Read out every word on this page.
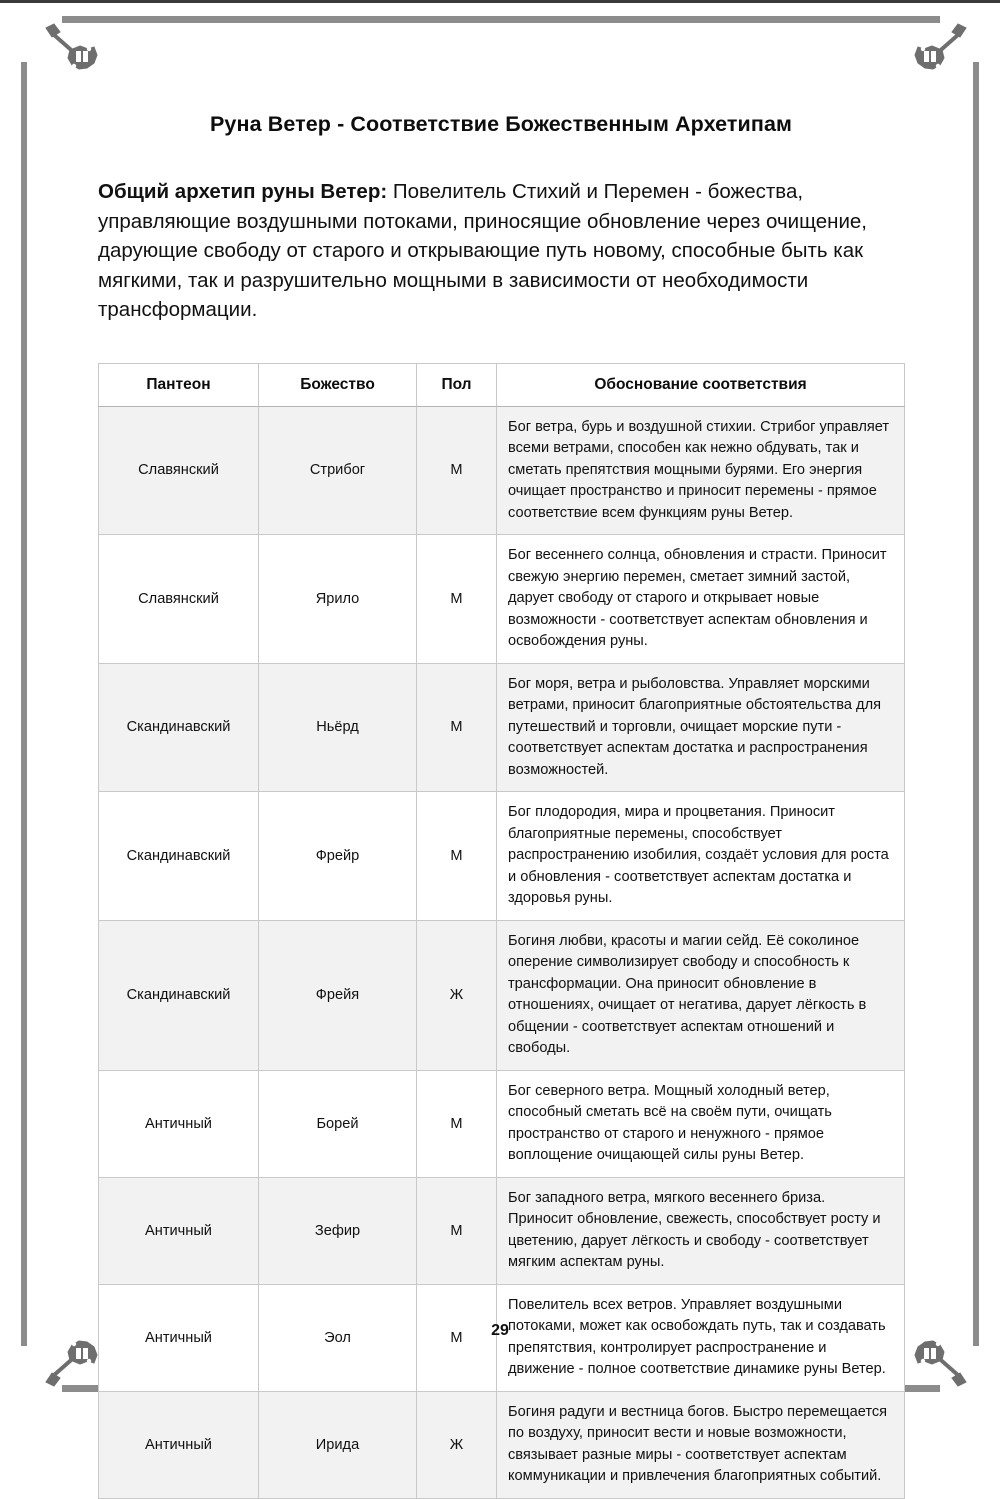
Руна Ветер - Соответствие Божественным Архетипам

Общий архетип руны Ветер: Повелитель Стихий и Перемен - божества, управляющие воздушными потоками, приносящие обновление через очищение, дарующие свободу от старого и открывающие путь новому, способные быть как мягкими, так и разрушительно мощными в зависимости от необходимости трансформации.

Пантеон	Божество	Пол	Обоснование соответствия
Славянский	Стрибог	М	Бог ветра, бурь и воздушной стихии. Стрибог управляет всеми ветрами, способен как нежно обдувать, так и сметать препятствия мощными бурями. Его энергия очищает пространство и приносит перемены - прямое соответствие всем функциям руны Ветер.
Славянский	Ярило	М	Бог весеннего солнца, обновления и страсти. Приносит свежую энергию перемен, сметает зимний застой, дарует свободу от старого и открывает новые возможности - соответствует аспектам обновления и освобождения руны.
Скандинавский	Ньёрд	М	Бог моря, ветра и рыболовства. Управляет морскими ветрами, приносит благоприятные обстоятельства для путешествий и торговли, очищает морские пути - соответствует аспектам достатка и распространения возможностей.
Скандинавский	Фрейр	М	Бог плодородия, мира и процветания. Приносит благоприятные перемены, способствует распространению изобилия, создаёт условия для роста и обновления - соответствует аспектам достатка и здоровья руны.
Скандинавский	Фрейя	Ж	Богиня любви, красоты и магии сейд. Её соколиное оперение символизирует свободу и способность к трансформации. Она приносит обновление в отношениях, очищает от негатива, дарует лёгкость в общении - соответствует аспектам отношений и свободы.
Античный	Борей	М	Бог северного ветра. Мощный холодный ветер, способный сметать всё на своём пути, очищать пространство от старого и ненужного - прямое воплощение очищающей силы руны Ветер.
Античный	Зефир	М	Бог западного ветра, мягкого весеннего бриза. Приносит обновление, свежесть, способствует росту и цветению, дарует лёгкость и свободу - соответствует мягким аспектам руны.
Античный	Эол	М	Повелитель всех ветров. Управляет воздушными потоками, может как освобождать путь, так и создавать препятствия, контролирует распространение и движение - полное соответствие динамике руны Ветер.
Античный	Ирида	Ж	Богиня радуги и вестница богов. Быстро перемещается по воздуху, приносит вести и новые возможности, связывает разные миры - соответствует аспектам коммуникации и привлечения благоприятных событий.
29
